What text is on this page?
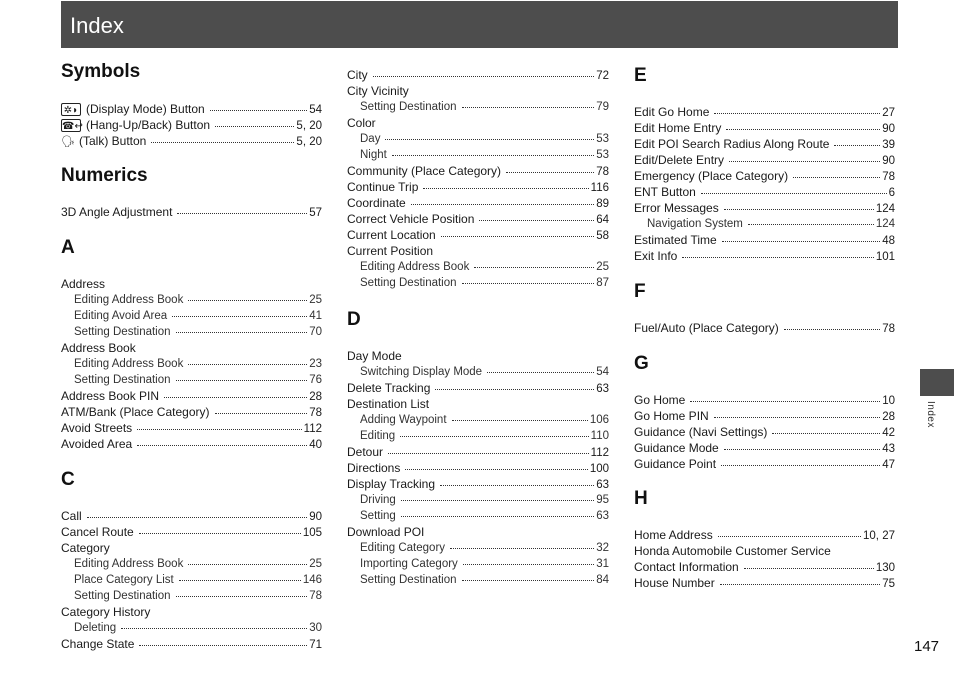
Index
Index
147
Symbols
✲◗ (Display Mode) Button	54
☎↩ (Hang-Up/Back) Button	5, 20
🗣 (Talk) Button	5, 20
Numerics
3D Angle Adjustment	57
A
Address
Editing Address Book	25
Editing Avoid Area	41
Setting Destination	70
Address Book
Editing Address Book	23
Setting Destination	76
Address Book PIN	28
ATM/Bank (Place Category)	78
Avoid Streets	112
Avoided Area	40
C
Call	90
Cancel Route	105
Category
Editing Address Book	25
Place Category List	146
Setting Destination	78
Category History
Deleting	30
Change State	71
City	72
City Vicinity
Setting Destination	79
Color
Day	53
Night	53
Community (Place Category)	78
Continue Trip	116
Coordinate	89
Correct Vehicle Position	64
Current Location	58
Current Position
Editing Address Book	25
Setting Destination	87
D
Day Mode
Switching Display Mode	54
Delete Tracking	63
Destination List
Adding Waypoint	106
Editing	110
Detour	112
Directions	100
Display Tracking	63
Driving	95
Setting	63
Download POI
Editing Category	32
Importing Category	31
Setting Destination	84
E
Edit Go Home	27
Edit Home Entry	90
Edit POI Search Radius Along Route	39
Edit/Delete Entry	90
Emergency (Place Category)	78
ENT Button	6
Error Messages	124
Navigation System	124
Estimated Time	48
Exit Info	101
F
Fuel/Auto (Place Category)	78
G
Go Home	10
Go Home PIN	28
Guidance (Navi Settings)	42
Guidance Mode	43
Guidance Point	47
H
Home Address	10, 27
Honda Automobile Customer Service
Contact Information	130
House Number	75
